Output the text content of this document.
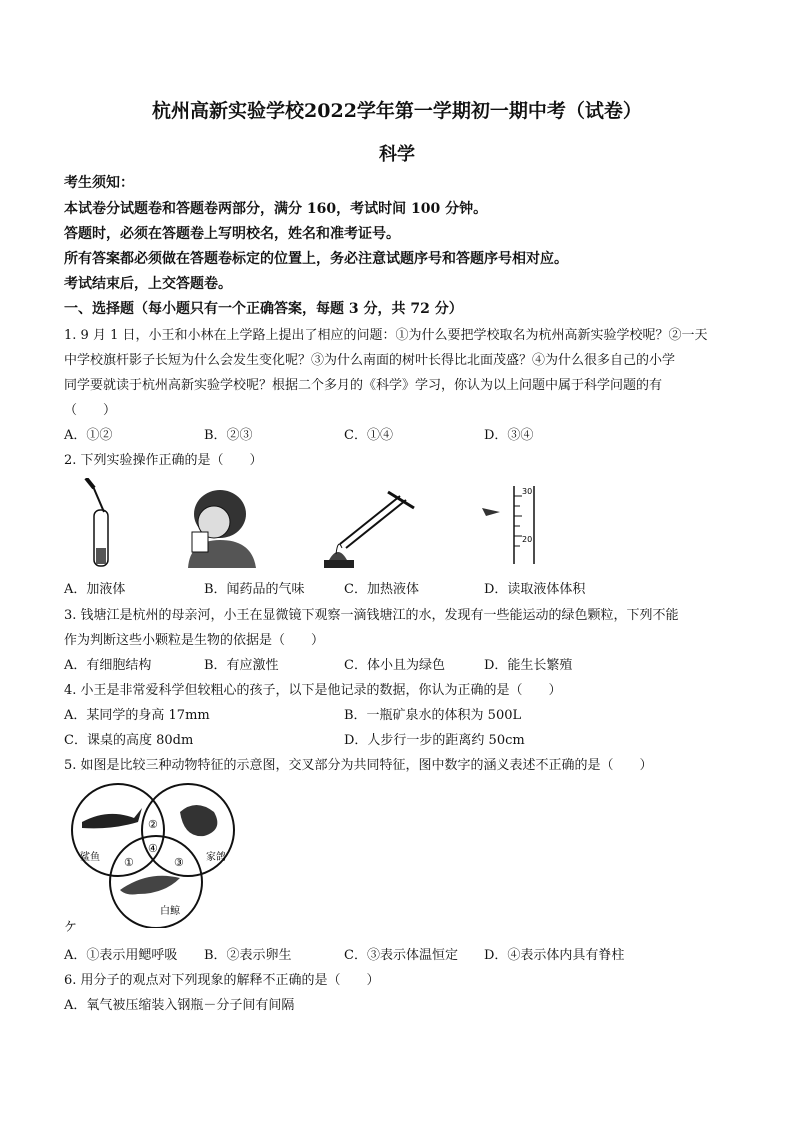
杭州高新实验学校2022学年第一学期初一期中考（试卷）
科学
考生须知：
本试卷分试题卷和答题卷两部分，满分 160，考试时间 100 分钟。
答题时，必须在答题卷上写明校名，姓名和准考证号。
所有答案都必须做在答题卷标定的位置上，务必注意试题序号和答题序号相对应。
考试结束后，上交答题卷。
一、选择题（每小题只有一个正确答案，每题 3 分，共 72 分）
1. 9 月 1 日，小王和小林在上学路上提出了相应的问题：①为什么要把学校取名为杭州高新实验学校呢？②一天
中学校旗杆影子长短为什么会发生变化呢？③为什么南面的树叶长得比北面茂盛？④为什么很多自己的小学
同学要就读于杭州高新实验学校呢？根据二个多月的《科学》学习，你认为以上问题中属于科学问题的有
（　　）
A．①②	B．②③	C．①④	D．③④
2. 下列实验操作正确的是（　　）
30
20
A．加液体	B．闻药品的气味	C．加热液体	D．读取液体体积
3. 钱塘江是杭州的母亲河，小王在显微镜下观察一滴钱塘江的水，发现有一些能运动的绿色颗粒，下列不能
作为判断这些小颗粒是生物的依据是（　　）
A．有细胞结构	B．有应激性	C．体小且为绿色	D．能生长繁殖
4. 小王是非常爱科学但较粗心的孩子，以下是他记录的数据，你认为正确的是（　　）
A．某同学的身高 17mm	B．一瓶矿泉水的体积为 500L
C．课桌的高度 80dm	D．人步行一步的距离约 50cm
5. 如图是比较三种动物特征的示意图，交叉部分为共同特征，图中数字的涵义表述不正确的是（　　）
鲨鱼	家鸽
白鲸
①
②
③
④
ケ
A．①表示用鳃呼吸 B．②表示卵生	C．③表示体温恒定 D．④表示体内具有脊柱
6. 用分子的观点对下列现象的解释不正确的是（　　）
A．氧气被压缩装入钢瓶－分子间有间隔
